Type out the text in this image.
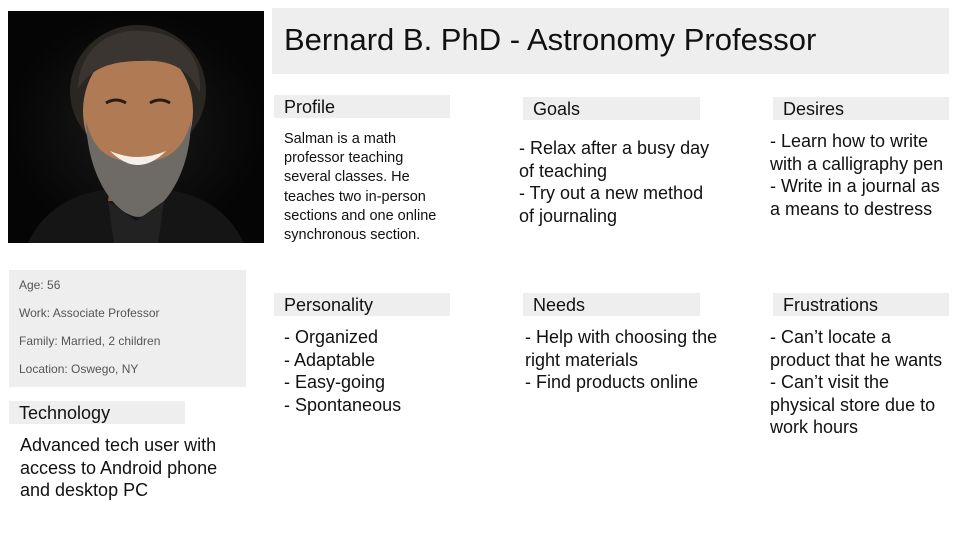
Bernard B. PhD - Astronomy Professor
Age: 56
Work: Associate Professor
Family: Married, 2 children
Location: Oswego, NY
Technology
Advanced tech user with
access to Android phone
and desktop PC
Profile
Salman is a math
professor teaching
several classes. He
teaches two in-person
sections and one online
synchronous section.
Goals
- Relax after a busy day
of teaching
- Try out a new method
of journaling
Desires
- Learn how to write
with a calligraphy pen
- Write in a journal as
a means to destress
Personality
- Organized
- Adaptable
- Easy-going
- Spontaneous
Needs
- Help with choosing the
right materials
- Find products online
Frustrations
- Can’t locate a
product that he wants
- Can’t visit the
physical store due to
work hours
